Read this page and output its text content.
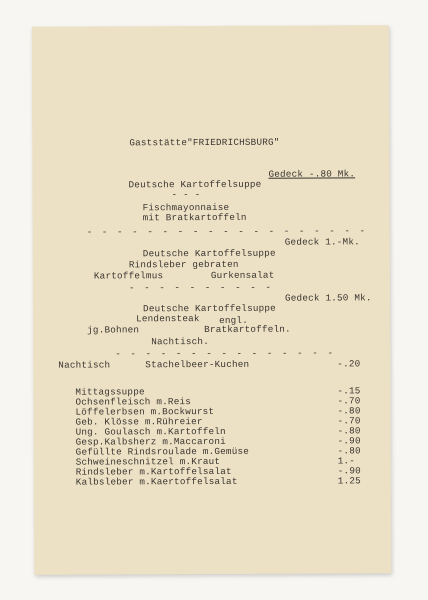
Gaststätte"FRIEDRICHSBURG"
Gedeck -.80 Mk.
Deutsche Kartoffelsuppe
- - -
Fischmayonnaise
mit Bratkartoffeln
- - - - - - - - - - - - - - - - - - -
Gedeck 1.-Mk.
Deutsche Kartoffelsuppe
Rindsleber gebraten
Kartoffelmus	Gurkensalat
- - - - - - - - - -
Gedeck 1.50 Mk.
Deutsche Kartoffelsuppe
Lendensteak engl.
jg.Bohnen	Bratkartoffeln.
Nachtisch.
- - - - - - - - - - - - - - -
Nachtisch	Stachelbeer-Kuchen	-.20
Mittagssuppe	-.15
Ochsenfleisch m.Reis	-.70
Löffelerbsen m.Bockwurst	-.80
Geb. Klösse m.Rühreier	-.70
Ung. Goulasch m.Kartoffeln	-.80
Gesp.Kalbsherz m.Maccaroni	-.90
Gefüllte Rindsroulade m.Gemüse	-.80
Schweineschnitzel m.Kraut	1.-
Rindsleber m.Kartoffelsalat	-.90
Kalbsleber m.Kaertoffelsalat	1.25
